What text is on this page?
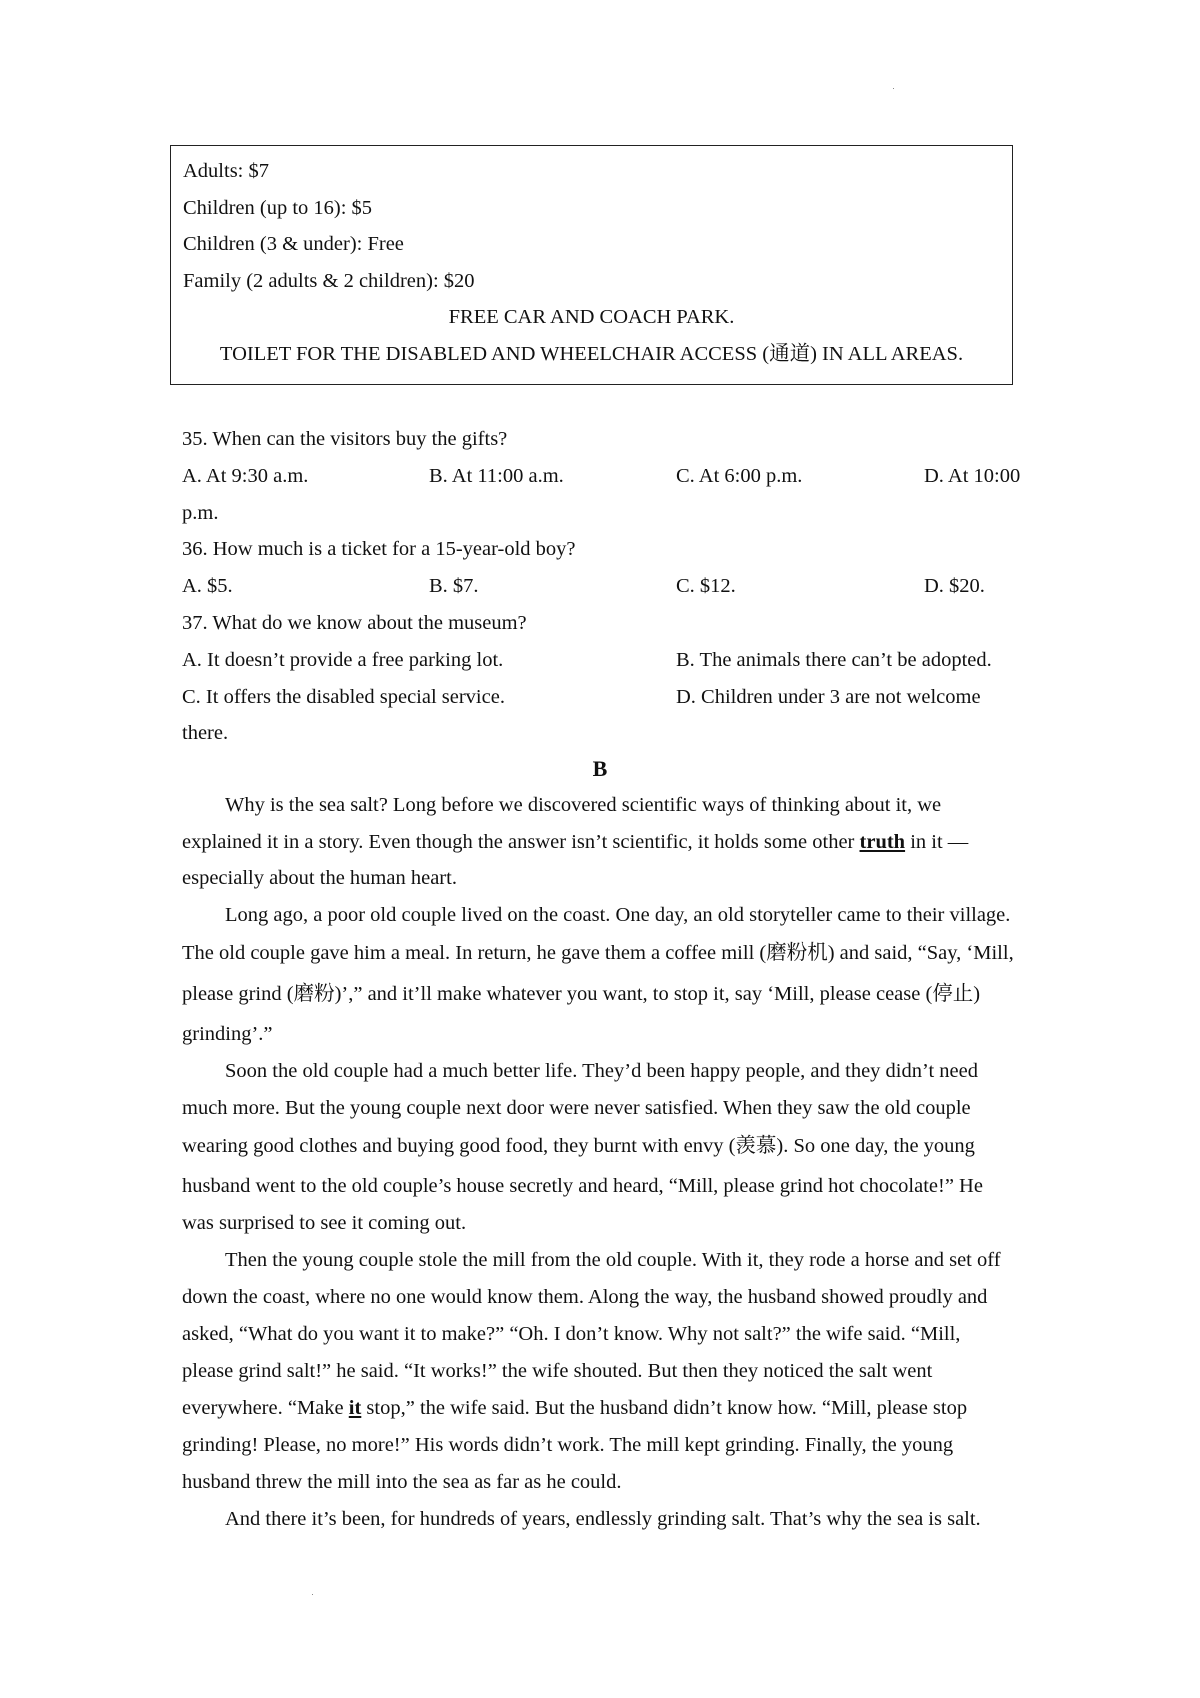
Adults: $7
Children (up to 16): $5
Children (3 & under): Free
Family (2 adults & 2 children): $20
FREE CAR AND COACH PARK.
TOILET FOR THE DISABLED AND WHEELCHAIR ACCESS (通道) IN ALL AREAS.
35. When can the visitors buy the gifts?
A. At 9:30 a.m.	B. At 11:00 a.m.	C. At 6:00 p.m.	D. At 10:00
p.m.
36. How much is a ticket for a 15-year-old boy?
A. $5.	B. $7.	C. $12.	D. $20.
37. What do we know about the museum?
A. It doesn’t provide a free parking lot.	B. The animals there can’t be adopted.
C. It offers the disabled special service.	D. Children under 3 are not welcome
there.
B
Why is the sea salt? Long before we discovered scientific ways of thinking about it, we
explained it in a story. Even though the answer isn’t scientific, it holds some other truth in it —
especially about the human heart.
Long ago, a poor old couple lived on the coast. One day, an old storyteller came to their village.
The old couple gave him a meal. In return, he gave them a coffee mill (磨粉机) and said, “Say, ‘Mill,
please grind (磨粉)’,” and it’ll make whatever you want, to stop it, say ‘Mill, please cease (停止)
grinding’.”
Soon the old couple had a much better life. They’d been happy people, and they didn’t need
much more. But the young couple next door were never satisfied. When they saw the old couple
wearing good clothes and buying good food, they burnt with envy (羡慕). So one day, the young
husband went to the old couple’s house secretly and heard, “Mill, please grind hot chocolate!” He
was surprised to see it coming out.
Then the young couple stole the mill from the old couple. With it, they rode a horse and set off
down the coast, where no one would know them. Along the way, the husband showed proudly and
asked, “What do you want it to make?” “Oh. I don’t know. Why not salt?” the wife said. “Mill,
please grind salt!” he said. “It works!” the wife shouted. But then they noticed the salt went
everywhere. “Make it stop,” the wife said. But the husband didn’t know how. “Mill, please stop
grinding! Please, no more!” His words didn’t work. The mill kept grinding. Finally, the young
husband threw the mill into the sea as far as he could.
And there it’s been, for hundreds of years, endlessly grinding salt. That’s why the sea is salt.
